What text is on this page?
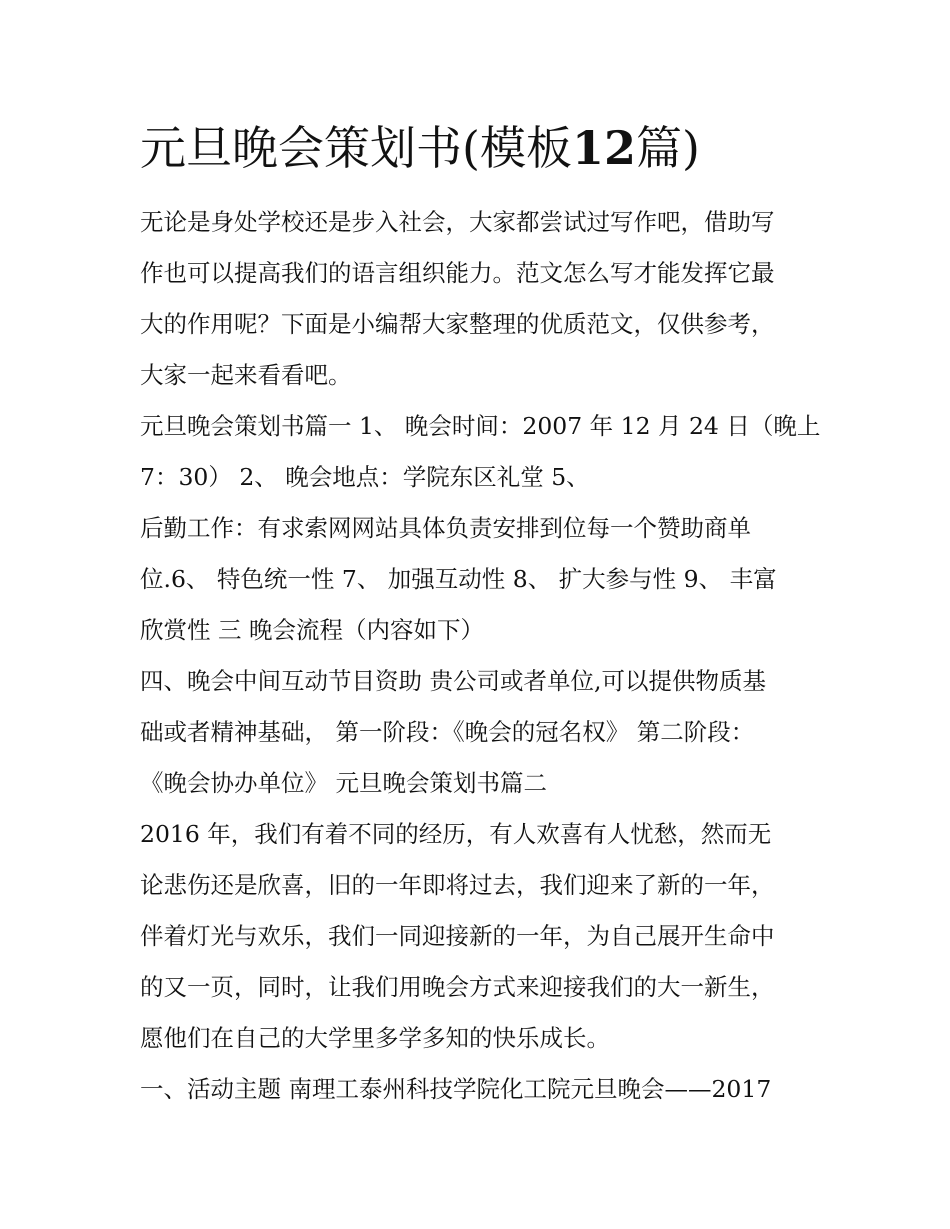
元旦晚会策划书(模板12篇)
无论是身处学校还是步入社会，大家都尝试过写作吧，借助写
作也可以提高我们的语言组织能力。范文怎么写才能发挥它最
大的作用呢？下面是小编帮大家整理的优质范文，仅供参考，
大家一起来看看吧。
元旦晚会策划书篇一 1、 晚会时间：2007 年 12 月 24 日（晚上
7：30） 2、 晚会地点：学院东区礼堂 5、
后勤工作：有求索网网站具体负责安排到位每一个赞助商单
位.6、 特色统一性 7、 加强互动性 8、 扩大参与性 9、 丰富
欣赏性 三 晚会流程（内容如下）
四、晚会中间互动节目资助 贵公司或者单位,可以提供物质基
础或者精神基础， 第一阶段：《晚会的冠名权》 第二阶段：
《晚会协办单位》 元旦晚会策划书篇二
2016 年，我们有着不同的经历，有人欢喜有人忧愁，然而无
论悲伤还是欣喜，旧的一年即将过去，我们迎来了新的一年，
伴着灯光与欢乐，我们一同迎接新的一年，为自己展开生命中
的又一页，同时，让我们用晚会方式来迎接我们的大一新生，
愿他们在自己的大学里多学多知的快乐成长。
一、活动主题 南理工泰州科技学院化工院元旦晚会——2017
